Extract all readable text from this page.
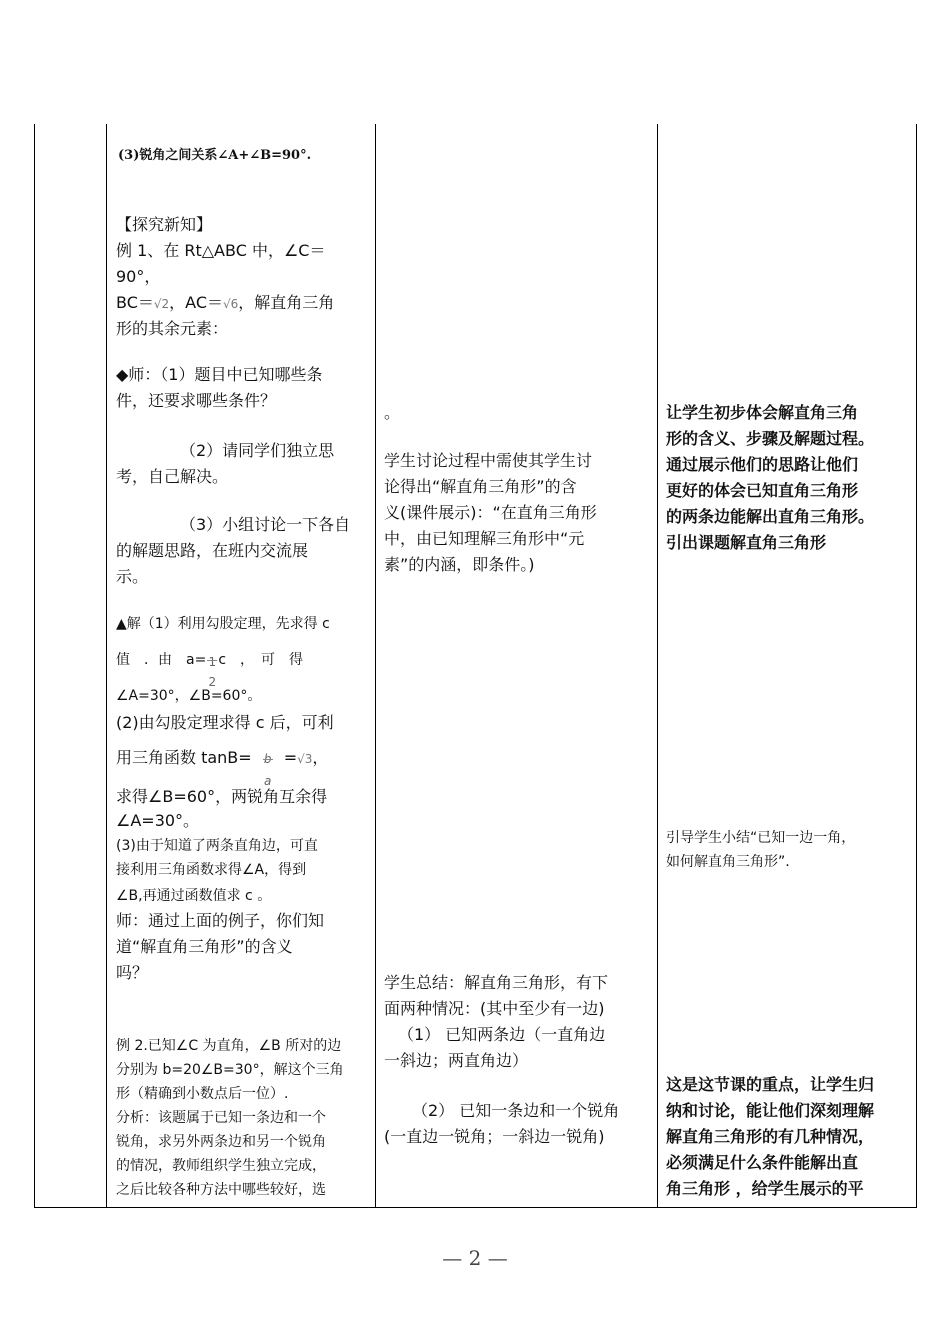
(3)锐角之间关系∠A+∠B=90°.

【探究新知】

例 1、在 Rt△ABC 中，∠C＝

90°，

BC＝√2，AC＝√6，解直角三角

形的其余元素：

◆师：（1）题目中已知哪些条

件，还要求哪些条件？

（2）请同学们独立思

考，自己解决。

（3）小组讨论一下各自

的解题思路，在班内交流展

示。

▲解（1）利用勾股定理，先求得 c

值　．由　a= 1
2
c　，　可　得

∠A=30°，∠B=60°。

(2)由勾股定理求得 c 后，可利

用三角函数 tanB= b
a
=√3，

求得∠B=60°，两锐角互余得

∠A=30°。

(3)由于知道了两条直角边，可直

接利用三角函数求得∠A，得到

∠B,再通过函数值求 c 。

师：通过上面的例子，你们知

道“解直角三角形”的含义

吗？

例 2.已知∠C 为直角，∠B 所对的边

分别为 b=20∠B=30°，解这个三角

形（精确到小数点后一位）.

分析：该题属于已知一条边和一个

锐角，求另外两条边和另一个锐角

的情况，教师组织学生独立完成，

之后比较各种方法中哪些较好，选

。

学生讨论过程中需使其学生讨

论得出“解直角三角形”的含

义(课件展示)：“在直角三角形

中，由已知理解三角形中“元

素”的内涵，即条件。)

学生总结：解直角三角形，有下

面两种情况：(其中至少有一边)

（1） 已知两条边（一直角边

一斜边；两直角边）

（2） 已知一条边和一个锐角

(一直边一锐角；一斜边一锐角)

让学生初步体会解直角三角

形的含义、步骤及解题过程。

通过展示他们的思路让他们

更好的体会已知直角三角形

的两条边能解出直角三角形。

引出课题解直角三角形

引导学生小结“已知一边一角，

如何解直角三角形”.

这是这节课的重点，让学生归

纳和讨论，能让他们深刻理解

解直角三角形的有几种情况，

必须满足什么条件能解出直

角三角形 ，给学生展示的平

— 2 —
